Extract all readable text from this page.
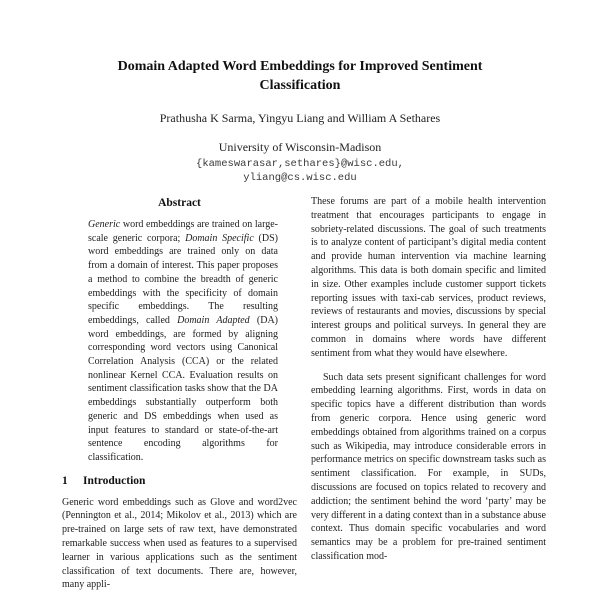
Domain Adapted Word Embeddings for Improved Sentiment Classification
Prathusha K Sarma, Yingyu Liang and William A Sethares
University of Wisconsin-Madison
{kameswarasar,sethares}@wisc.edu,
yliang@cs.wisc.edu
Abstract

Generic word embeddings are trained on large-scale generic corpora; Domain Specific (DS) word embeddings are trained only on data from a domain of interest. This paper proposes a method to combine the breadth of generic embeddings with the specificity of domain specific embeddings. The resulting embeddings, called Domain Adapted (DA) word embeddings, are formed by aligning corresponding word vectors using Canonical Correlation Analysis (CCA) or the related nonlinear Kernel CCA. Evaluation results on sentiment classification tasks show that the DA embeddings substantially outperform both generic and DS embeddings when used as input features to standard or state-of-the-art sentence encoding algorithms for classification.

1	Introduction

Generic word embeddings such as Glove and word2vec (Pennington et al., 2014; Mikolov et al., 2013) which are pre-trained on large sets of raw text, have demonstrated remarkable success when used as features to a supervised learner in various applications such as the sentiment classification of text documents. There are, however, many appli-

These forums are part of a mobile health intervention treatment that encourages participants to engage in sobriety-related discussions. The goal of such treatments is to analyze content of participant’s digital media content and provide human intervention via machine learning algorithms. This data is both domain specific and limited in size. Other examples include customer support tickets reporting issues with taxi-cab services, product reviews, reviews of restaurants and movies, discussions by special interest groups and political surveys. In general they are common in domains where words have different sentiment from what they would have elsewhere.

Such data sets present significant challenges for word embedding learning algorithms. First, words in data on specific topics have a different distribution than words from generic corpora. Hence using generic word embeddings obtained from algorithms trained on a corpus such as Wikipedia, may introduce considerable errors in performance metrics on specific downstream tasks such as sentiment classification. For example, in SUDs, discussions are focused on topics related to recovery and addiction; the sentiment behind the word ‘party’ may be very different in a dating context than in a substance abuse context. Thus domain specific vocabularies and word semantics may be a problem for pre-trained sentiment classification mod-
